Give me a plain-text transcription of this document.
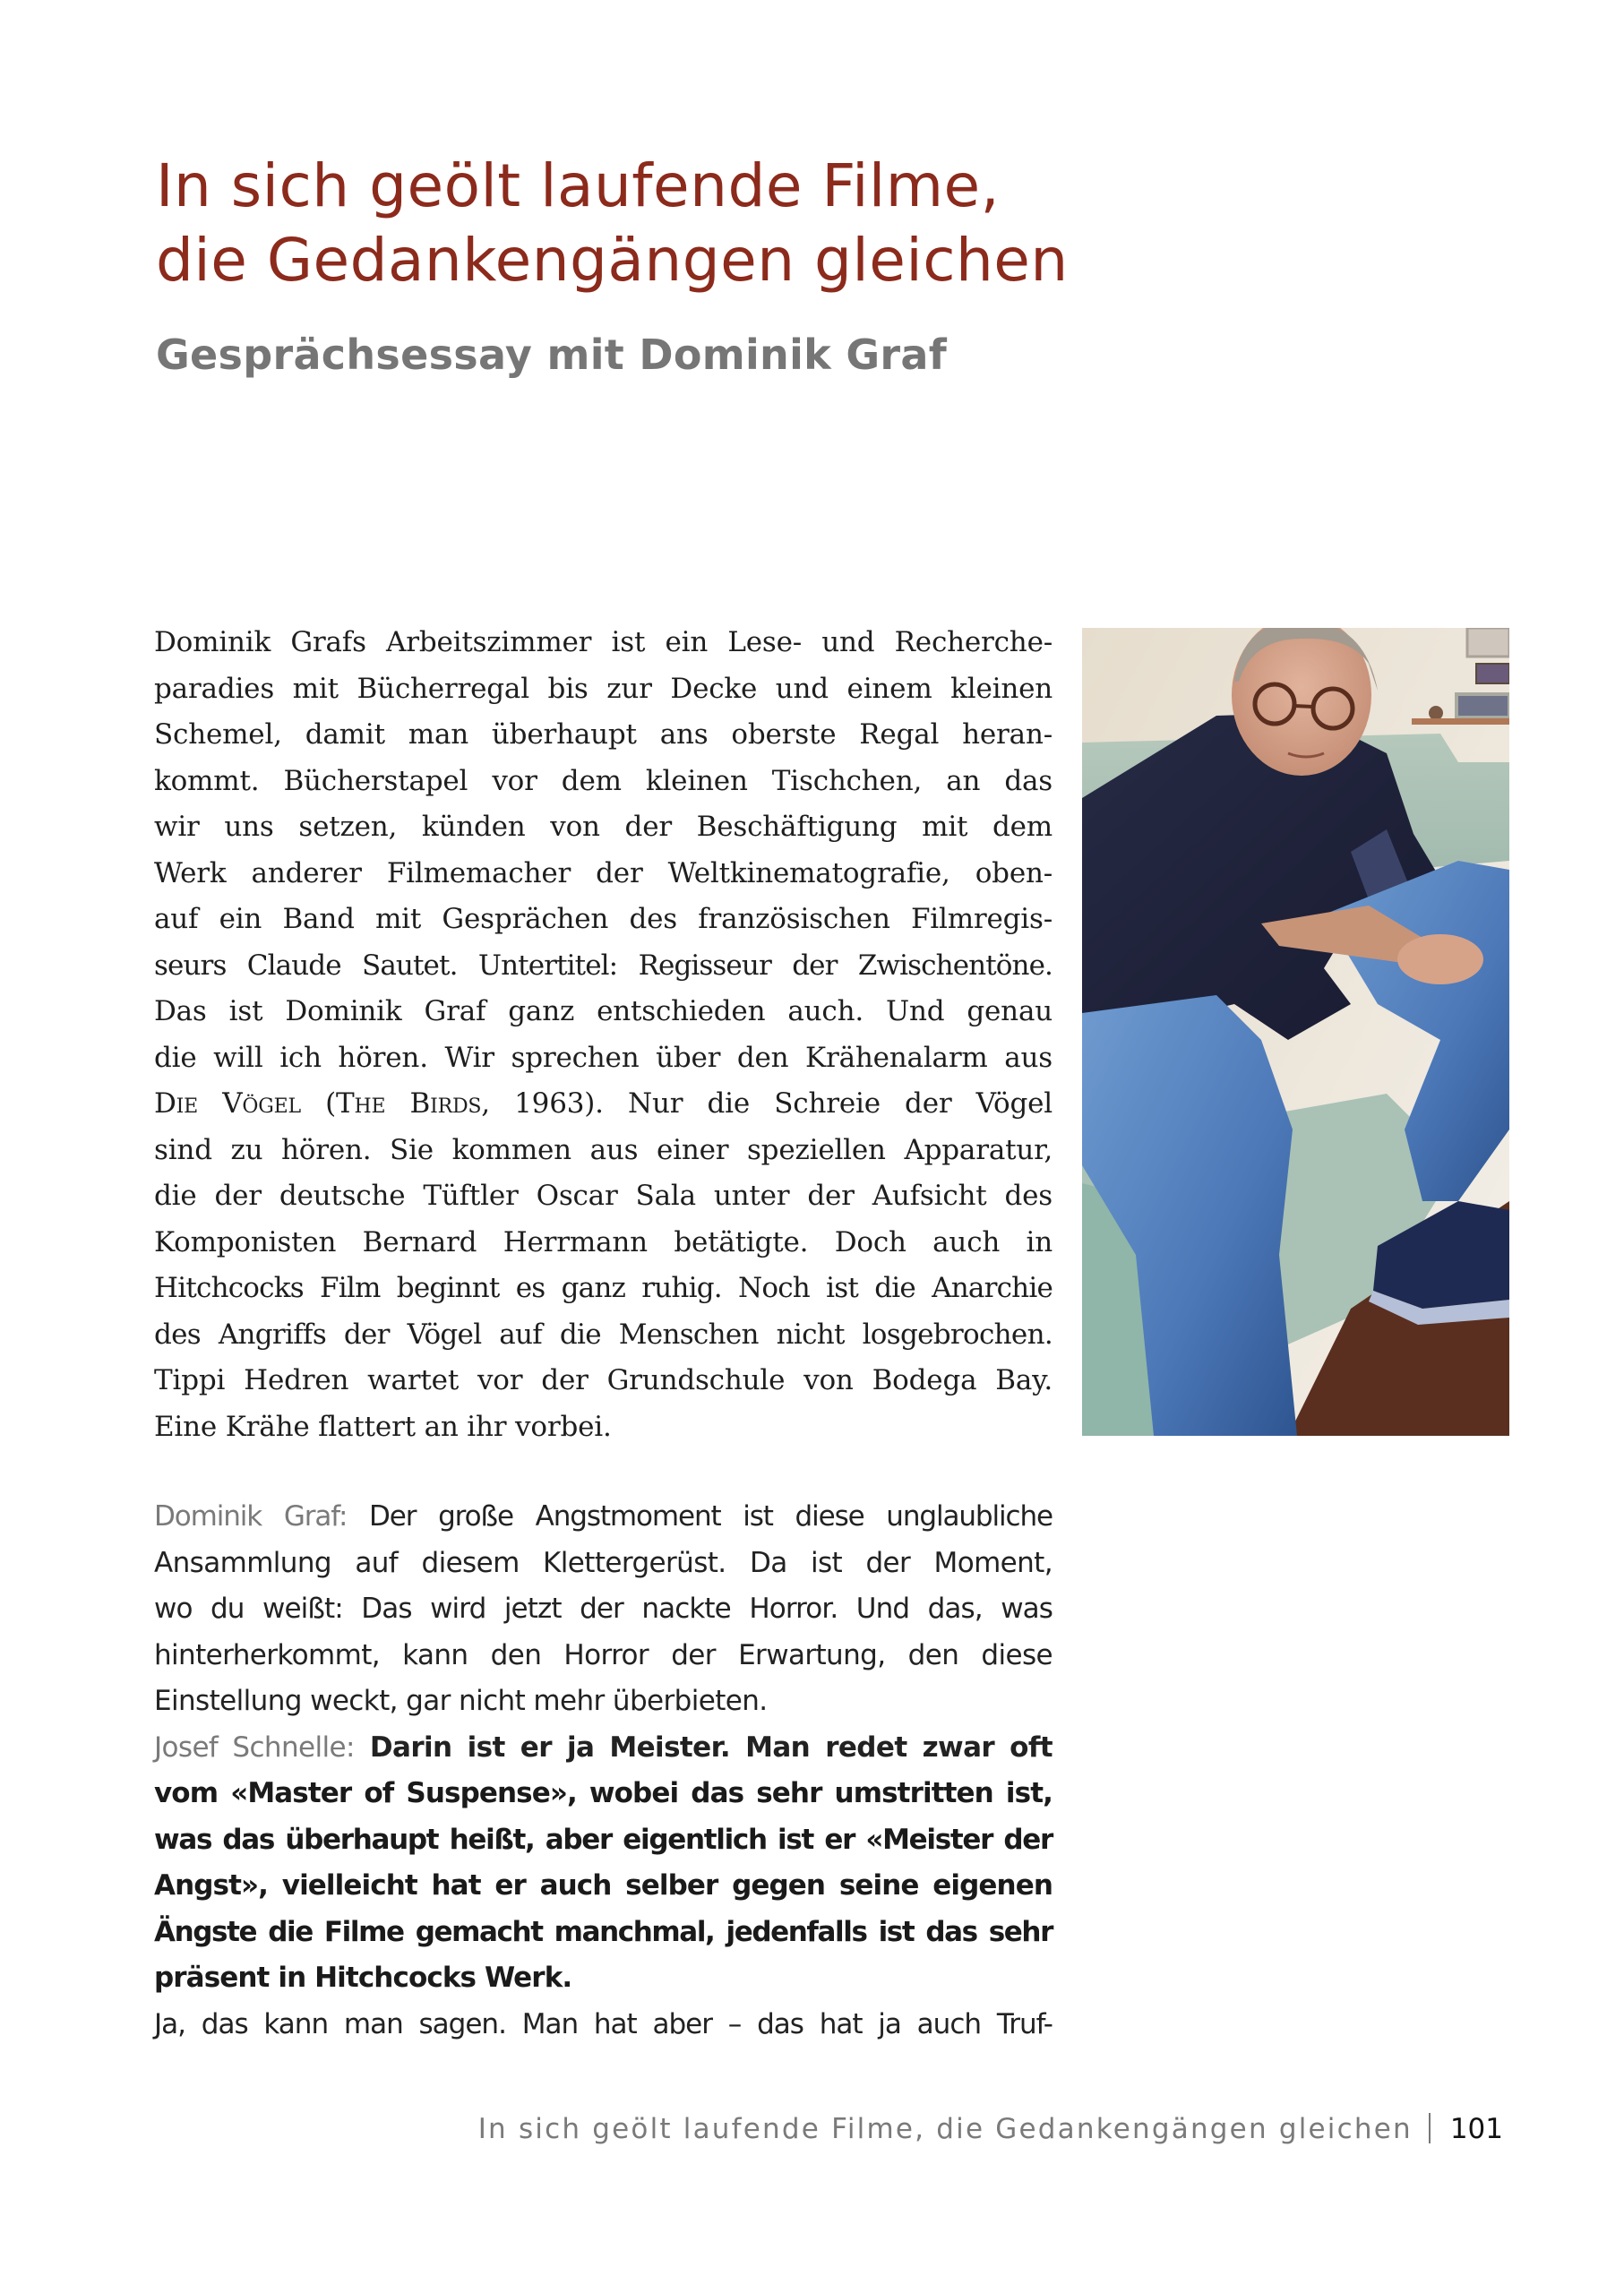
In sich geölt laufende Filme,
die Gedankengängen gleichen
Gesprächsessay mit Dominik Graf
Dominik Grafs Arbeitszimmer ist ein Lese- und Recherche-
paradies mit Bücherregal bis zur Decke und einem kleinen
Schemel, damit man überhaupt ans oberste Regal heran-
kommt. Bücherstapel vor dem kleinen Tischchen, an das
wir uns setzen, künden von der Beschäftigung mit dem
Werk anderer Filmemacher der Weltkinematografie, oben-
auf ein Band mit Gesprächen des französischen Filmregis-
seurs Claude Sautet. Untertitel: Regisseur der Zwischentöne.
Das ist Dominik Graf ganz entschieden auch. Und genau
die will ich hören. Wir sprechen über den Krähenalarm aus
Die Vögel (The Birds, 1963). Nur die Schreie der Vögel
sind zu hören. Sie kommen aus einer speziellen Apparatur,
die der deutsche Tüftler Oscar Sala unter der Aufsicht des
Komponisten Bernard Herrmann betätigte. Doch auch in
Hitchcocks Film beginnt es ganz ruhig. Noch ist die Anarchie
des Angriffs der Vögel auf die Menschen nicht losgebrochen.
Tippi Hedren wartet vor der Grundschule von Bodega Bay.
Eine Krähe flattert an ihr vorbei.
Dominik Graf: Der große Angstmoment ist diese unglaubliche
Ansammlung auf diesem Klettergerüst. Da ist der Moment,
wo du weißt: Das wird jetzt der nackte Horror. Und das, was
hinterherkommt, kann den Horror der Erwartung, den diese
Einstellung weckt, gar nicht mehr überbieten.
Josef Schnelle: Darin ist er ja Meister. Man redet zwar oft
vom «Master of Suspense», wobei das sehr umstritten ist,
was das überhaupt heißt, aber eigentlich ist er «Meister der
Angst», vielleicht hat er auch selber gegen seine eigenen
Ängste die Filme gemacht manchmal, jedenfalls ist das sehr
präsent in Hitchcocks Werk.
Ja, das kann man sagen. Man hat aber – das hat ja auch Truf-
In sich geölt laufende Filme, die Gedankengängen gleichen 101
